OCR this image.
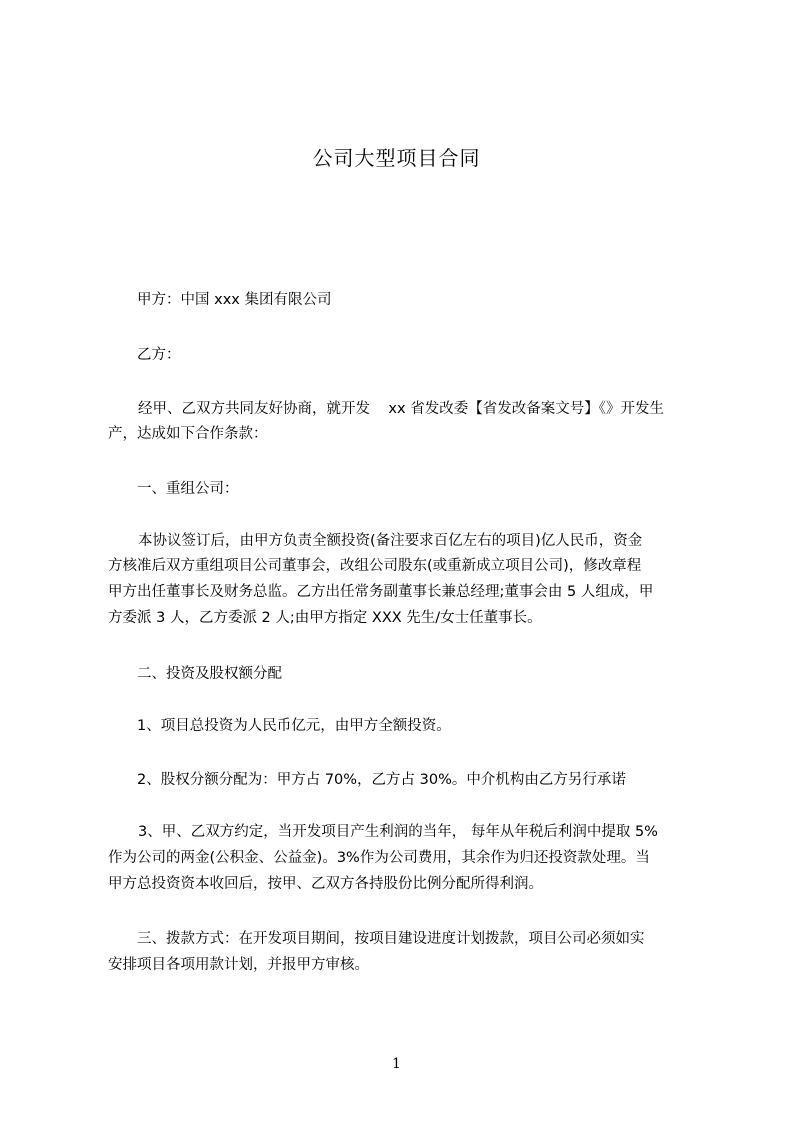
公司大型项目合同
甲方：中国 xxx 集团有限公司
乙方：
经甲、乙双方共同友好协商，就开发    xx 省发改委【省发改备案文号】《》开发生
产，达成如下合作条款：
一、重组公司：
本协议签订后，由甲方负责全额投资(备注要求百亿左右的项目)亿人民币，资金
方核准后双方重组项目公司董事会，改组公司股东(或重新成立项目公司)，修改章程
甲方出任董事长及财务总监。乙方出任常务副董事长兼总经理;董事会由 5 人组成，甲
方委派 3 人，乙方委派 2 人;由甲方指定 XXX 先生/女士任董事长。
二、投资及股权额分配
1、项目总投资为人民币亿元，由甲方全额投资。
2、股权分额分配为：甲方占 70%，乙方占 30%。中介机构由乙方另行承诺
3、甲、乙双方约定，当开发项目产生利润的当年， 每年从年税后利润中提取 5%
作为公司的两金(公积金、公益金)。3%作为公司费用，其余作为归还投资款处理。当
甲方总投资资本收回后，按甲、乙双方各持股份比例分配所得利润。
三、拨款方式：在开发项目期间，按项目建设进度计划拨款，项目公司必须如实
安排项目各项用款计划，并报甲方审核。
1
